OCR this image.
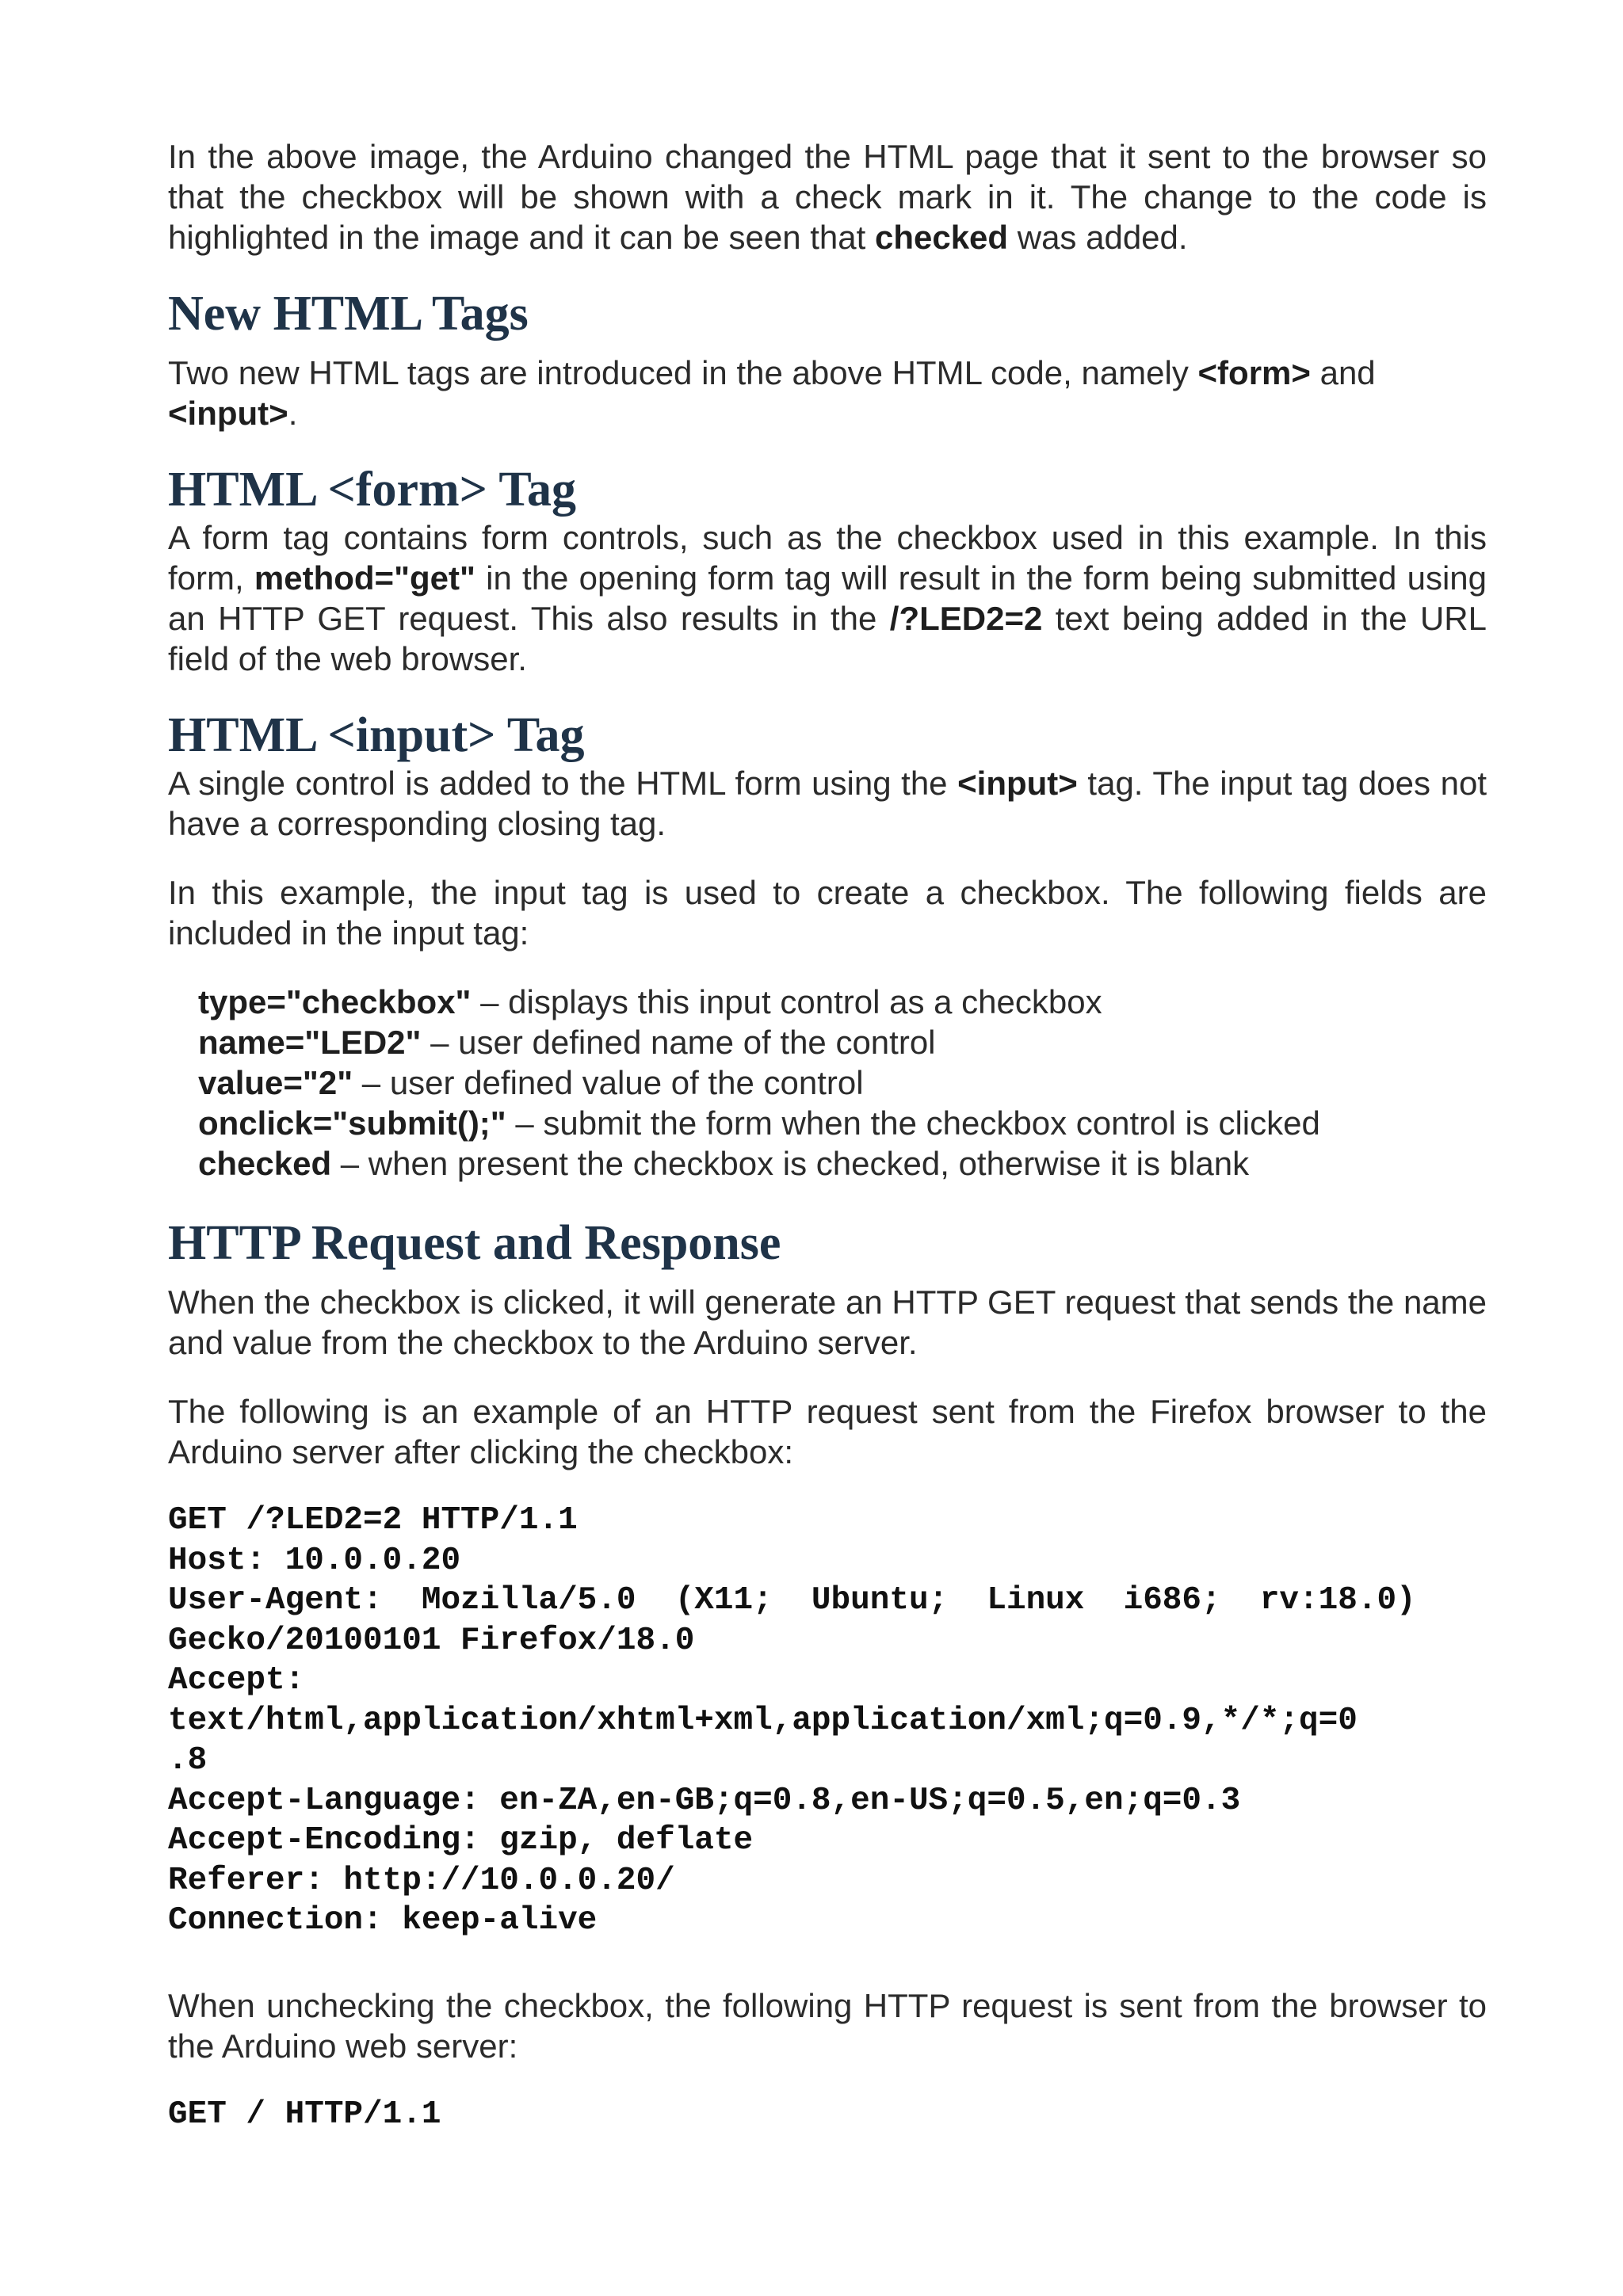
In the above image, the Arduino changed the HTML page that it sent to the browser so that the checkbox will be shown with a check mark in it. The change to the code is highlighted in the image and it can be seen that checked was added.

New HTML Tags

Two new HTML tags are introduced in the above HTML code, namely <form> and
<input>.

HTML <form> Tag

A form tag contains form controls, such as the checkbox used in this example. In this form, method="get" in the opening form tag will result in the form being submitted using an HTTP GET request. This also results in the /?LED2=2 text being added in the URL field of the web browser.

HTML <input> Tag

A single control is added to the HTML form using the <input> tag. The input tag does not have a corresponding closing tag.

In this example, the input tag is used to create a checkbox. The following fields are included in the input tag:

type="checkbox" – displays this input control as a checkbox
name="LED2" – user defined name of the control
value="2" – user defined value of the control
onclick="submit();" – submit the form when the checkbox control is clicked
checked – when present the checkbox is checked, otherwise it is blank
HTTP Request and Response

When the checkbox is clicked, it will generate an HTTP GET request that sends the name and value from the checkbox to the Arduino server.

The following is an example of an HTTP request sent from the Firefox browser to the Arduino server after clicking the checkbox:

GET /?LED2=2 HTTP/1.1
Host: 10.0.0.20
User-Agent:  Mozilla/5.0  (X11;  Ubuntu;  Linux  i686;  rv:18.0)
Gecko/20100101 Firefox/18.0
Accept:
text/html,application/xhtml+xml,application/xml;q=0.9,*/*;q=0
.8
Accept-Language: en-ZA,en-GB;q=0.8,en-US;q=0.5,en;q=0.3
Accept-Encoding: gzip, deflate
Referer: http://10.0.0.20/
Connection: keep-alive

When unchecking the checkbox, the following HTTP request is sent from the browser to the Arduino web server:

GET / HTTP/1.1
